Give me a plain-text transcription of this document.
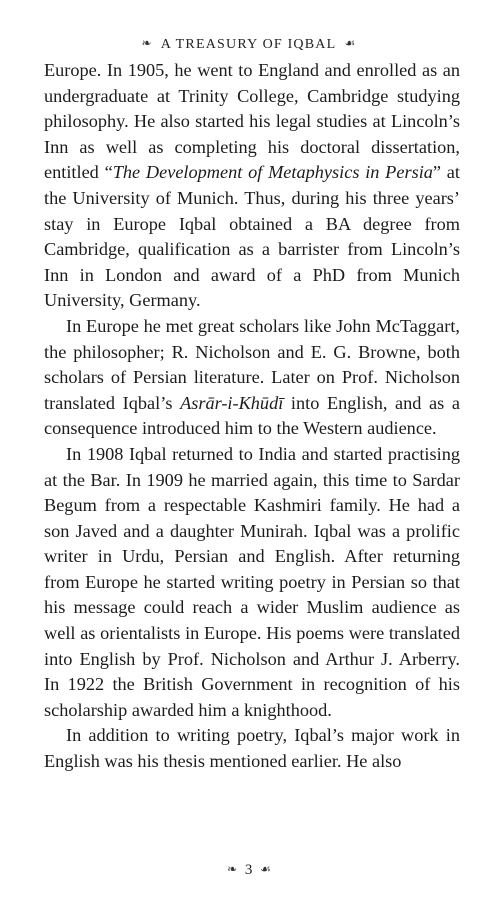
❧ A TREASURY OF IQBAL ☙

Europe. In 1905, he went to England and enrolled as an undergraduate at Trinity College, Cambridge studying philosophy. He also started his legal studies at Lincoln’s Inn as well as completing his doctoral dissertation, entitled “The Development of Metaphysics in Persia” at the University of Munich. Thus, during his three years’ stay in Europe Iqbal obtained a BA degree from Cambridge, qualification as a barrister from Lincoln’s Inn in London and award of a PhD from Munich University, Germany.

In Europe he met great scholars like John McTaggart, the philosopher; R. Nicholson and E. G. Browne, both scholars of Persian literature. Later on Prof. Nicholson translated Iqbal’s Asrār-i-Khūdī into English, and as a consequence introduced him to the Western audience.

In 1908 Iqbal returned to India and started practising at the Bar. In 1909 he married again, this time to Sardar Begum from a respectable Kashmiri family. He had a son Javed and a daughter Munirah. Iqbal was a prolific writer in Urdu, Persian and English. After returning from Europe he started writing poetry in Persian so that his message could reach a wider Muslim audience as well as orientalists in Europe. His poems were translated into English by Prof. Nicholson and Arthur J. Arberry. In 1922 the British Government in recognition of his scholarship awarded him a knighthood.

In addition to writing poetry, Iqbal’s major work in English was his thesis mentioned earlier. He also

❧ 3 ☙
